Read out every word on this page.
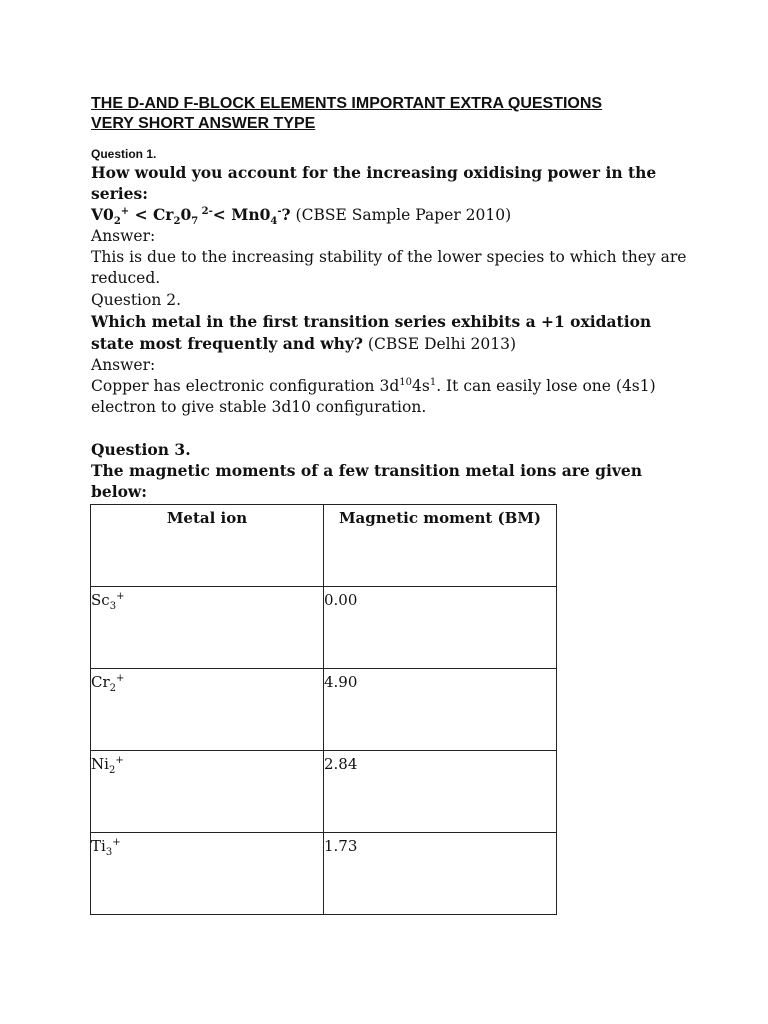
THE D-AND F-BLOCK ELEMENTS IMPORTANT EXTRA QUESTIONS
VERY SHORT ANSWER TYPE
Question 1.
How would you account for the increasing oxidising power in the series:
$V0_2^+ < Cr_20_7$ $^{2-}< Mn0_4^-$? (CBSE Sample Paper 2010)
Answer:
This is due to the increasing stability of the lower species to which they are reduced.
Question 2.
Which metal in the first transition series exhibits a +1 oxidation state most frequently and why? (CBSE Delhi 2013)
Answer:
Copper has electronic configuration $3d^{10}4s^1$. It can easily lose one (4s1) electron to give stable 3d10 configuration.
Question 3.
The magnetic moments of a few transition metal ions are given below:
Metal ion	Magnetic moment (BM)
$Sc_3^+$	0.00
$Cr_2^+$	4.90
$Ni_2^+$	2.84
$Ti_3^+$	1.73
